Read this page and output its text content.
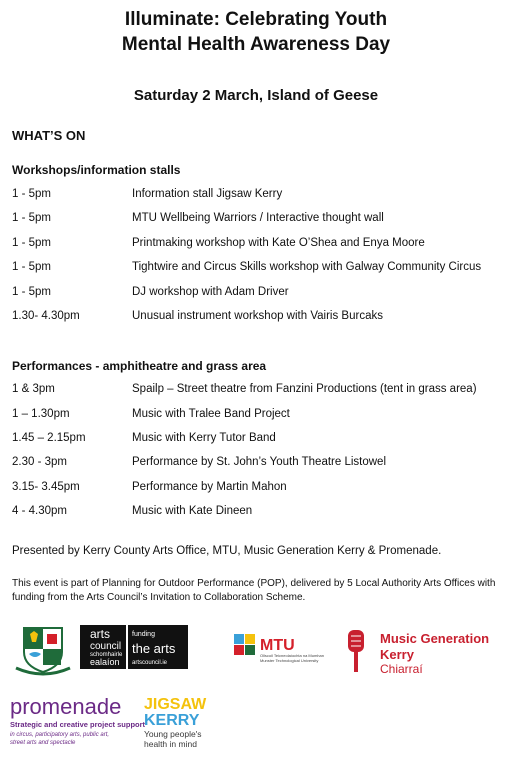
Illuminate: Celebrating Youth
Mental Health Awareness Day
Saturday 2 March, Island of Geese
WHAT’S ON
Workshops/information stalls
1 - 5pm	Information stall Jigsaw Kerry
1 - 5pm	MTU Wellbeing Warriors / Interactive thought wall
1 - 5pm	Printmaking workshop with Kate O’Shea and Enya Moore
1 - 5pm	Tightwire and Circus Skills workshop with Galway Community Circus
1 - 5pm	DJ workshop with Adam Driver
1.30- 4.30pm	Unusual instrument workshop with Vairis Burcaks
Performances - amphitheatre and grass area
1 & 3pm	Spailp – Street theatre from Fanzini Productions (tent in grass area)
1 – 1.30pm	Music with Tralee Band Project
1.45 – 2.15pm	Music with Kerry Tutor Band
2.30 - 3pm	Performance by St. John’s Youth Theatre Listowel
3.15- 3.45pm	Performance by Martin Mahon
4 - 4.30pm	Music with Kate Dineen
Presented by Kerry County Arts Office, MTU, Music Generation Kerry & Promenade.
This event is part of Planning for Outdoor Performance (POP), delivered by 5 Local Authority Arts Offices with funding from the Arts Council’s Invitation to Collaboration Scheme.
arts
arts
council
schomhairle
ealaíon
funding
the arts
artscouncil.ie
MTU
Ollscoil Teicneolaíochta na Mumhan
Munster Technological University
Music Generation
Kerry
Chiarraí
promenade
Strategic and creative project support
in circus, participatory arts, public art,
street arts and spectacle
JIGSAW
KERRY
Young people's
health in mind
